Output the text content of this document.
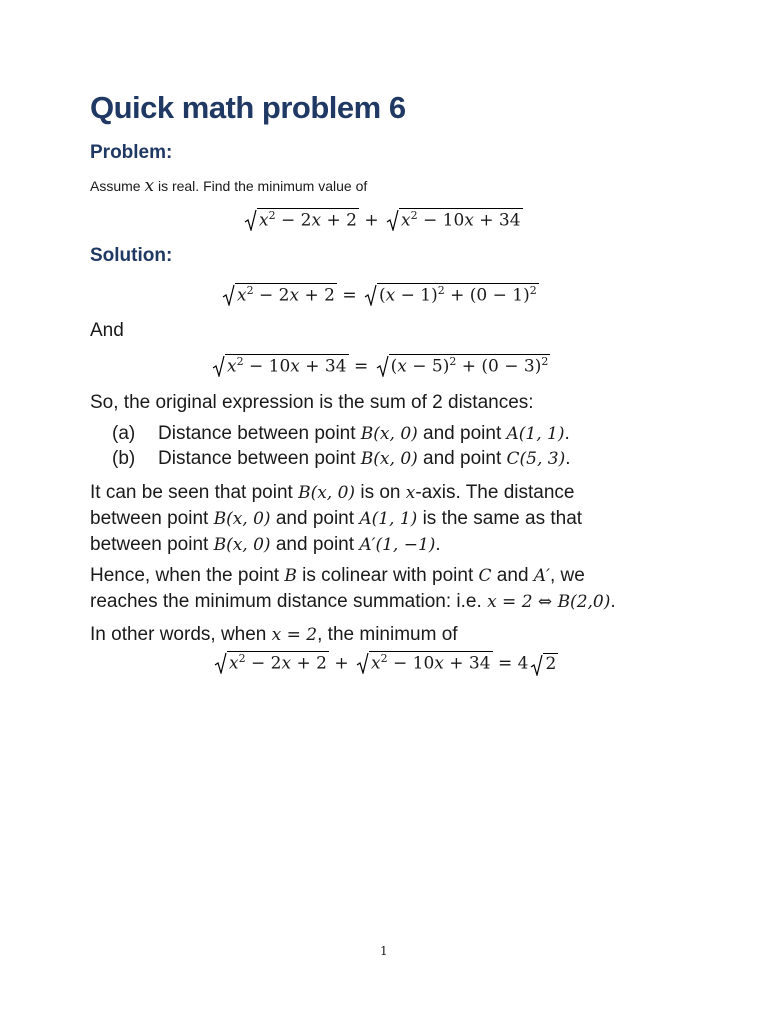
Quick math problem 6
Problem:
Assume x is real. Find the minimum value of
$x^2 - 2x + 2 + x^2 - 10x + 34$
Solution:
$x^2 - 2x + 2 = (x - 1)^2 + (0 - 1)^2$
And
$x^2 - 10x + 34 = (x - 5)^2 + (0 - 3)^2$
So, the original expression is the sum of 2 distances:
(a) Distance between point B(x, 0) and point A(1, 1).
(b) Distance between point B(x, 0) and point C(5, 3).
It can be seen that point B(x, 0) is on x-axis. The distance
between point B(x, 0) and point A(1, 1) is the same as that
between point B(x, 0) and point A′(1, −1).
Hence, when the point B is colinear with point C and A′, we
reaches the minimum distance summation: i.e. x = 2 ⇔ B(2,0).
In other words, when x = 2, the minimum of
$x^2 - 2x + 2 + x^2 - 10x + 34 = 4$ 2
1
